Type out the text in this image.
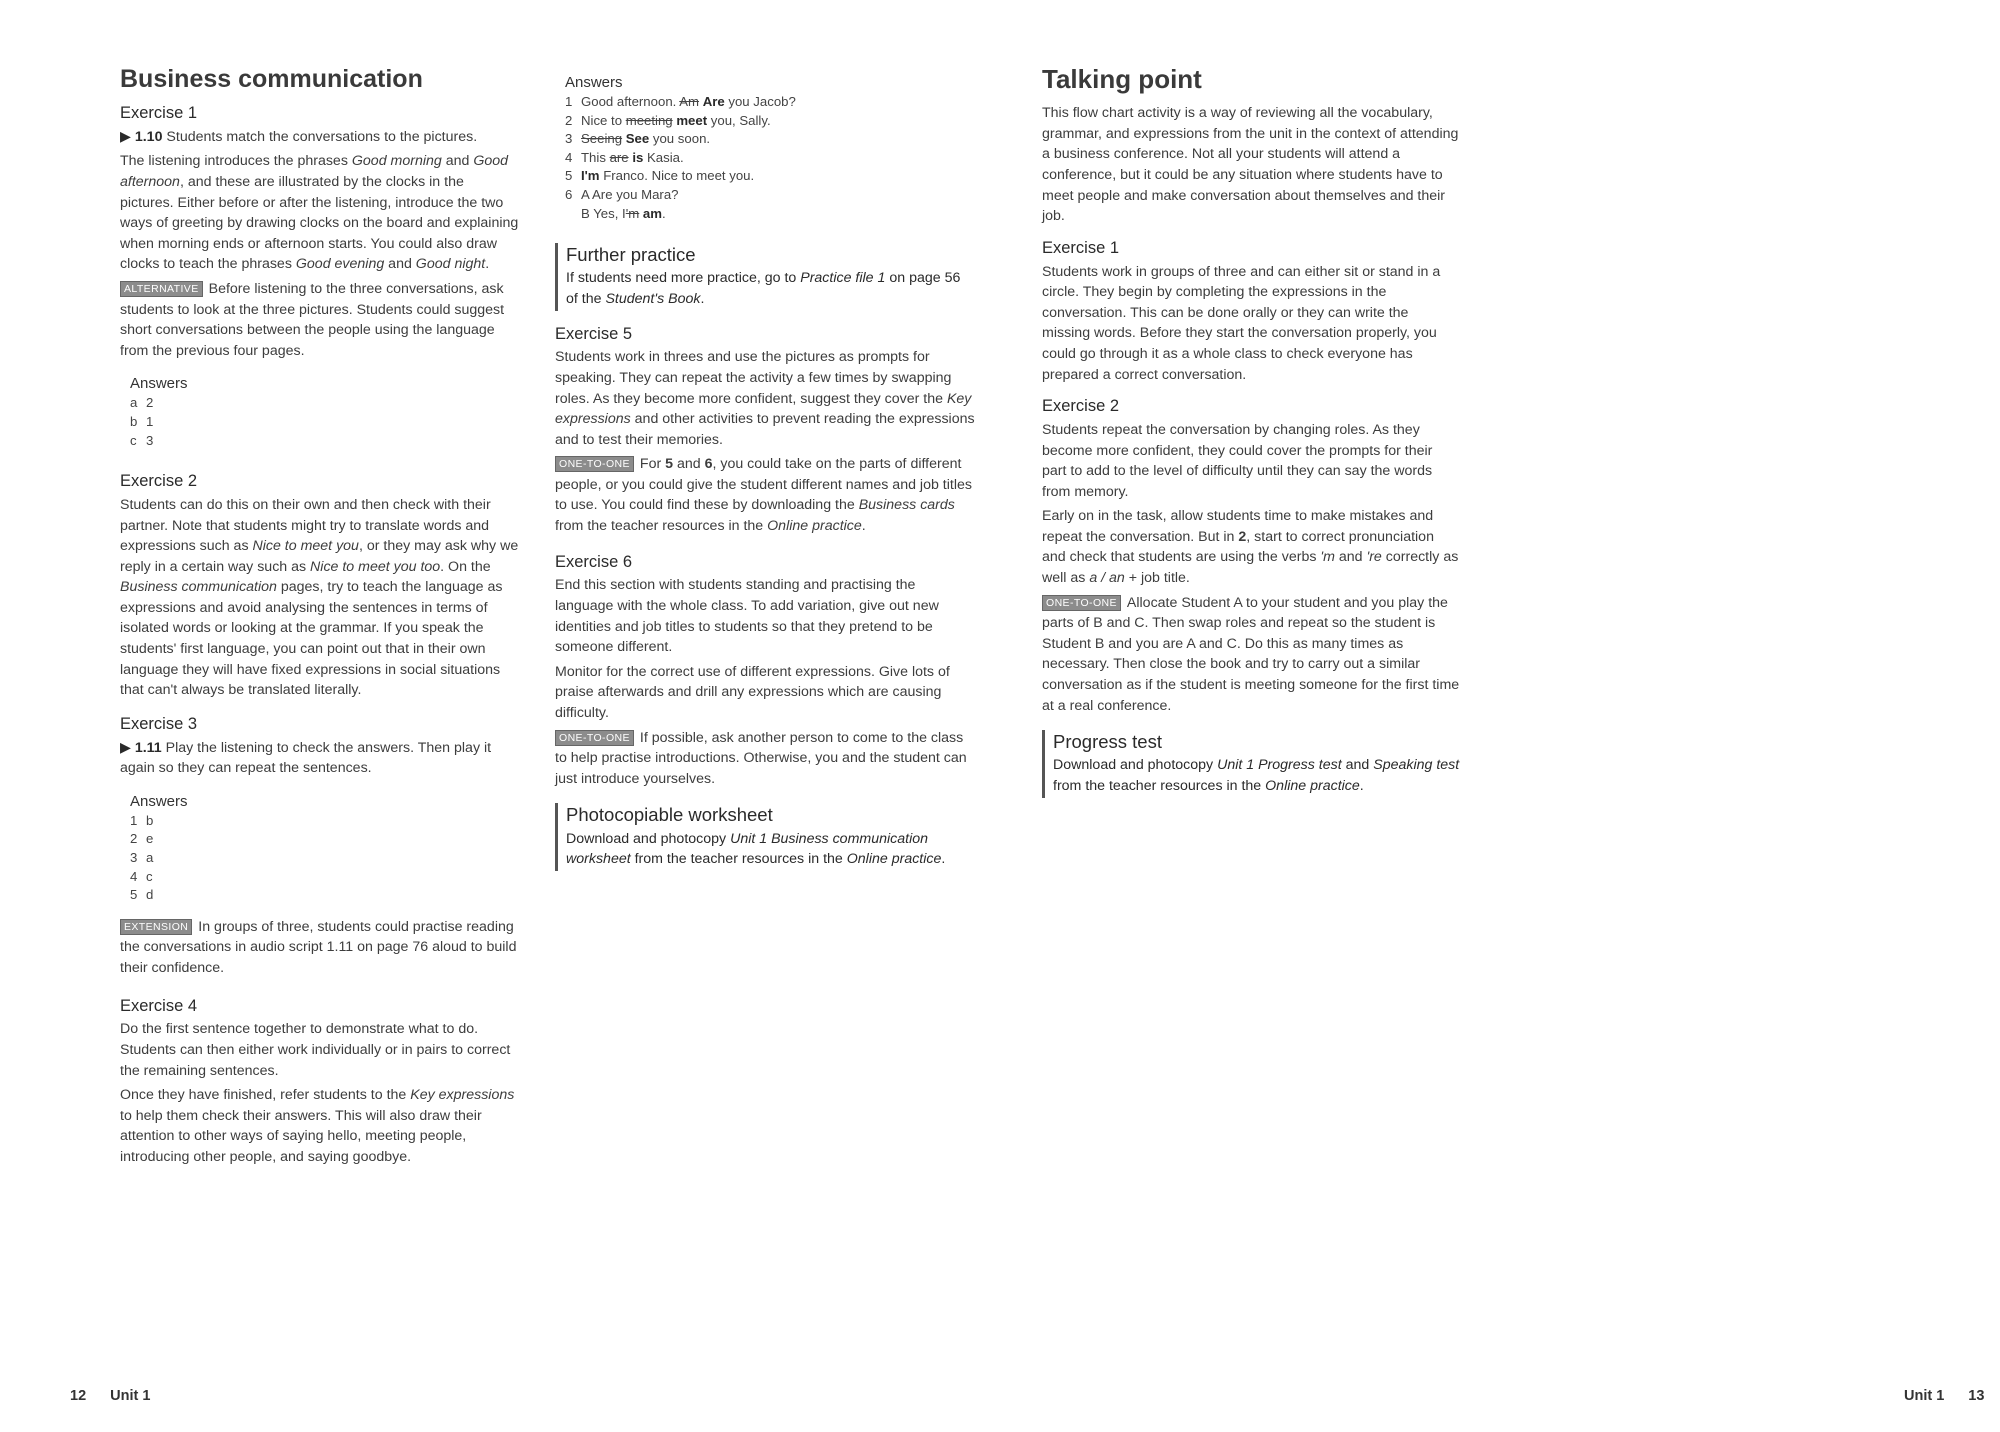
Business communication
Exercise 1

▶ 1.10 Students match the conversations to the pictures.

The listening introduces the phrases Good morning and Good afternoon, and these are illustrated by the clocks in the pictures. Either before or after the listening, introduce the two ways of greeting by drawing clocks on the board and explaining when morning ends or afternoon starts. You could also draw clocks to teach the phrases Good evening and Good night.

ALTERNATIVE Before listening to the three conversations, ask students to look at the three pictures. Students could suggest short conversations between the people using the language from the previous four pages.

Answers
a 2
b 1
c 3
Exercise 2

Students can do this on their own and then check with their partner. Note that students might try to translate words and expressions such as Nice to meet you, or they may ask why we reply in a certain way such as Nice to meet you too. On the Business communication pages, try to teach the language as expressions and avoid analysing the sentences in terms of isolated words or looking at the grammar. If you speak the students' first language, you can point out that in their own language they will have fixed expressions in social situations that can't always be translated literally.

Exercise 3

▶ 1.11 Play the listening to check the answers. Then play it again so they can repeat the sentences.

Answers
1 b
2 e
3 a
4 c
5 d

EXTENSION In groups of three, students could practise reading the conversations in audio script 1.11 on page 76 aloud to build their confidence.

Exercise 4

Do the first sentence together to demonstrate what to do. Students can then either work individually or in pairs to correct the remaining sentences.

Once they have finished, refer students to the Key expressions to help them check their answers. This will also draw their attention to other ways of saying hello, meeting people, introducing other people, and saying goodbye.

Answers
1 Good afternoon. Am Are you Jacob?
2 Nice to meeting meet you, Sally.
3 Seeing See you soon.
4 This are is Kasia.
5 I'm Franco. Nice to meet you.
6 A Are you Mara?
B Yes, I'm am.
Further practice

If students need more practice, go to Practice file 1 on page 56 of the Student's Book.

Exercise 5

Students work in threes and use the pictures as prompts for speaking. They can repeat the activity a few times by swapping roles. As they become more confident, suggest they cover the Key expressions and other activities to prevent reading the expressions and to test their memories.

ONE-TO-ONE For 5 and 6, you could take on the parts of different people, or you could give the student different names and job titles to use. You could find these by downloading the Business cards from the teacher resources in the Online practice.

Exercise 6

End this section with students standing and practising the language with the whole class. To add variation, give out new identities and job titles to students so that they pretend to be someone different.

Monitor for the correct use of different expressions. Give lots of praise afterwards and drill any expressions which are causing difficulty.

ONE-TO-ONE If possible, ask another person to come to the class to help practise introductions. Otherwise, you and the student can just introduce yourselves.

Photocopiable worksheet

Download and photocopy Unit 1 Business communication worksheet from the teacher resources in the Online practice.

Talking point

This flow chart activity is a way of reviewing all the vocabulary, grammar, and expressions from the unit in the context of attending a business conference. Not all your students will attend a conference, but it could be any situation where students have to meet people and make conversation about themselves and their job.

Exercise 1

Students work in groups of three and can either sit or stand in a circle. They begin by completing the expressions in the conversation. This can be done orally or they can write the missing words. Before they start the conversation properly, you could go through it as a whole class to check everyone has prepared a correct conversation.

Exercise 2

Students repeat the conversation by changing roles. As they become more confident, they could cover the prompts for their part to add to the level of difficulty until they can say the words from memory.

Early on in the task, allow students time to make mistakes and repeat the conversation. But in 2, start to correct pronunciation and check that students are using the verbs 'm and 're correctly as well as a / an + job title.

ONE-TO-ONE Allocate Student A to your student and you play the parts of B and C. Then swap roles and repeat so the student is Student B and you are A and C. Do this as many times as necessary. Then close the book and try to carry out a similar conversation as if the student is meeting someone for the first time at a real conference.

Progress test

Download and photocopy Unit 1 Progress test and Speaking test from the teacher resources in the Online practice.

12 Unit 1	Unit 1 13
